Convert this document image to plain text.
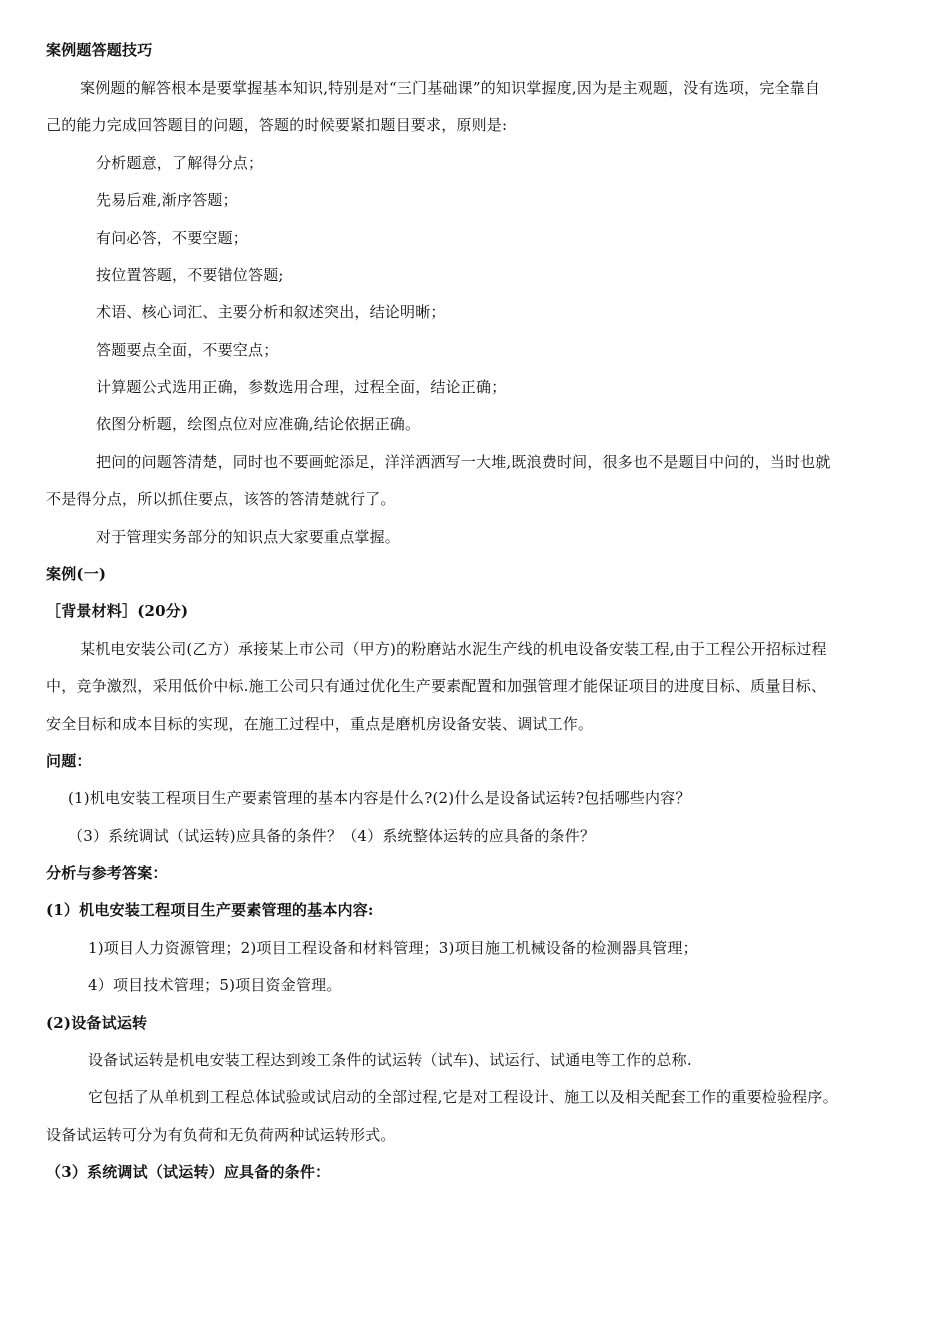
案例题答题技巧
案例题的解答根本是要掌握基本知识,特别是对“三门基础课”的知识掌握度,因为是主观题，没有选项，完全靠自
己的能力完成回答题目的问题，答题的时候要紧扣题目要求，原则是:
分析题意，了解得分点；
先易后难,渐序答题；
有问必答，不要空题；
按位置答题，不要错位答题;
术语、核心词汇、主要分析和叙述突出，结论明晰；
答题要点全面，不要空点；
计算题公式选用正确，参数选用合理，过程全面，结论正确；
依图分析题，绘图点位对应准确,结论依据正确。
把问的问题答清楚，同时也不要画蛇添足，洋洋洒洒写一大堆,既浪费时间，很多也不是题目中问的，当时也就
不是得分点，所以抓住要点，该答的答清楚就行了。
对于管理实务部分的知识点大家要重点掌握。
案例(一)
［背景材料］(20分)
某机电安装公司(乙方）承接某上市公司（甲方)的粉磨站水泥生产线的机电设备安装工程,由于工程公开招标过程
中，竞争激烈，采用低价中标.施工公司只有通过优化生产要素配置和加强管理才能保证项目的进度目标、质量目标、
安全目标和成本目标的实现，在施工过程中，重点是磨机房设备安装、调试工作。
问题：
(1)机电安装工程项目生产要素管理的基本内容是什么?(2)什么是设备试运转?包括哪些内容？
（3）系统调试（试运转)应具备的条件？（4）系统整体运转的应具备的条件？
分析与参考答案：
(1）机电安装工程项目生产要素管理的基本内容:
1)项目人力资源管理；2)项目工程设备和材料管理；3)项目施工机械设备的检测器具管理；
4）项目技术管理；5)项目资金管理。
(2)设备试运转
设备试运转是机电安装工程达到竣工条件的试运转（试车)、试运行、试通电等工作的总称.
它包括了从单机到工程总体试验或试启动的全部过程,它是对工程设计、施工以及相关配套工作的重要检验程序。
设备试运转可分为有负荷和无负荷两种试运转形式。
（3）系统调试（试运转）应具备的条件：
